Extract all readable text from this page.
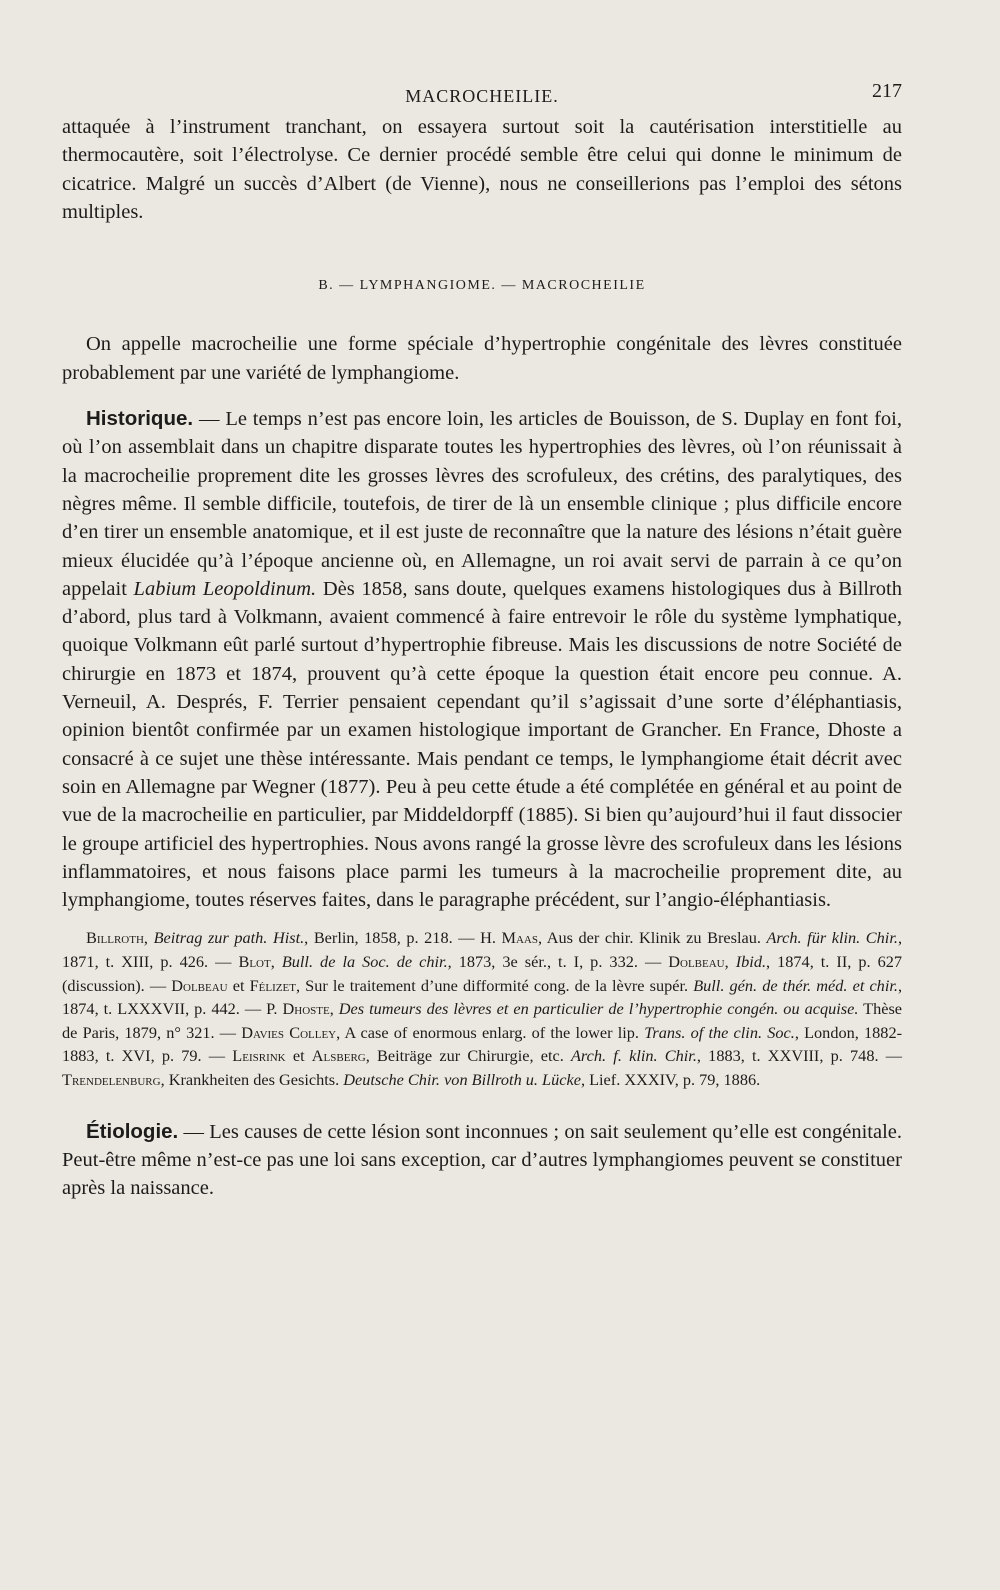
MACROCHEILIE.	217

attaquée à l’instrument tranchant, on essayera surtout soit la cautérisation interstitielle au thermocautère, soit l’électrolyse. Ce dernier procédé semble être celui qui donne le minimum de cicatrice. Malgré un succès d’Albert (de Vienne), nous ne conseillerions pas l’emploi des sétons multiples.

B. — LYMPHANGIOME. — MACROCHEILIE

On appelle macrocheilie une forme spéciale d’hypertrophie congénitale des lèvres constituée probablement par une variété de lymphangiome.

Historique. — Le temps n’est pas encore loin, les articles de Bouisson, de S. Duplay en font foi, où l’on assemblait dans un chapitre disparate toutes les hypertrophies des lèvres, où l’on réunissait à la macrocheilie proprement dite les grosses lèvres des scrofuleux, des crétins, des paralytiques, des nègres même. Il semble difficile, toutefois, de tirer de là un ensemble clinique ; plus difficile encore d’en tirer un ensemble anatomique, et il est juste de reconnaître que la nature des lésions n’était guère mieux élucidée qu’à l’époque ancienne où, en Allemagne, un roi avait servi de parrain à ce qu’on appelait Labium Leopoldinum. Dès 1858, sans doute, quelques examens histologiques dus à Billroth d’abord, plus tard à Volkmann, avaient commencé à faire entrevoir le rôle du système lymphatique, quoique Volkmann eût parlé surtout d’hypertrophie fibreuse. Mais les discussions de notre Société de chirurgie en 1873 et 1874, prouvent qu’à cette époque la question était encore peu connue. A. Verneuil, A. Després, F. Terrier pensaient cependant qu’il s’agissait d’une sorte d’éléphantiasis, opinion bientôt confirmée par un examen histologique important de Grancher. En France, Dhoste a consacré à ce sujet une thèse intéressante. Mais pendant ce temps, le lymphangiome était décrit avec soin en Allemagne par Wegner (1877). Peu à peu cette étude a été complétée en général et au point de vue de la macrocheilie en particulier, par Middeldorpff (1885). Si bien qu’aujourd’hui il faut dissocier le groupe artificiel des hypertrophies. Nous avons rangé la grosse lèvre des scrofuleux dans les lésions inflammatoires, et nous faisons place parmi les tumeurs à la macrocheilie proprement dite, au lymphangiome, toutes réserves faites, dans le paragraphe précédent, sur l’angio-éléphantiasis.

Billroth, Beitrag zur path. Hist., Berlin, 1858, p. 218. — H. Maas, Aus der chir. Klinik zu Breslau. Arch. für klin. Chir., 1871, t. XIII, p. 426. — Blot, Bull. de la Soc. de chir., 1873, 3e sér., t. I, p. 332. — Dolbeau, Ibid., 1874, t. II, p. 627 (discussion). — Dolbeau et Félizet, Sur le traitement d’une difformité cong. de la lèvre supér. Bull. gén. de thér. méd. et chir., 1874, t. LXXXVII, p. 442. — P. Dhoste, Des tumeurs des lèvres et en particulier de l’hypertrophie congén. ou acquise. Thèse de Paris, 1879, n° 321. — Davies Colley, A case of enormous enlarg. of the lower lip. Trans. of the clin. Soc., London, 1882-1883, t. XVI, p. 79. — Leisrink et Alsberg, Beiträge zur Chirurgie, etc. Arch. f. klin. Chir., 1883, t. XXVIII, p. 748. — Trendelenburg, Krankheiten des Gesichts. Deutsche Chir. von Billroth u. Lücke, Lief. XXXIV, p. 79, 1886.

Étiologie. — Les causes de cette lésion sont inconnues ; on sait seulement qu’elle est congénitale. Peut-être même n’est-ce pas une loi sans exception, car d’autres lymphangiomes peuvent se constituer après la naissance.
